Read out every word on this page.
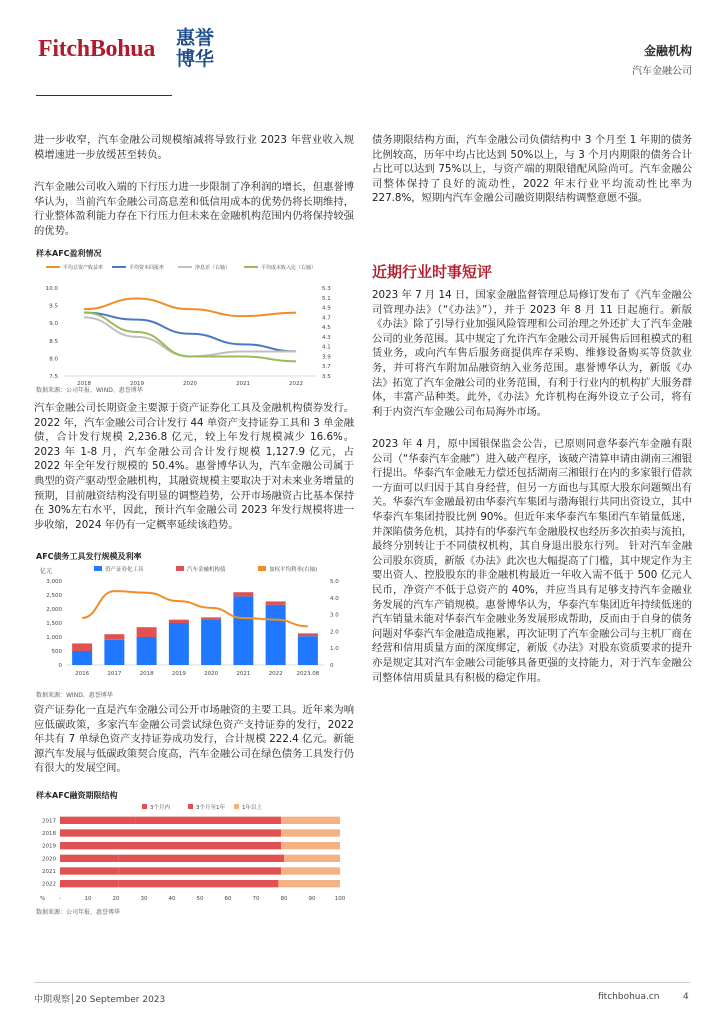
FitchBohua 惠誉博华	金融机构
汽车金融公司

进一步收窄，汽车金融公司规模缩减将导致行业 2023 年营业收入规模增速进一步放缓甚至转负。

汽车金融公司收入端的下行压力进一步限制了净利润的增长，但惠誉博华认为，当前汽车金融公司高息差和低信用成本的优势仍将长期维持，行业整体盈利能力存在下行压力但未来在金融机构范围内仍将保持较强的优势。

样本AFC盈利情况
平均总资产收益率	平均资本回报率	净息差（右轴）	平均成本收入比（右轴）
7.5
8.0
8.5
9.0
9.5
10.0
3.5
3.7
3.9
4.1
4.3
4.5
4.7
4.9
5.1
5.3
2018	2019	2020	2021	2022
数据来源：公司年报、WIND、惠誉博华

汽车金融公司长期资金主要源于资产证券化工具及金融机构债券发行。2022 年，汽车金融公司合计发行 44 单资产支持证券工具和 3 单金融债，合计发行规模 2,236.8 亿元，较上年发行规模减少 16.6%。2023 年 1-8 月，汽车金融公司合计发行规模 1,127.9 亿元，占 2022 年全年发行规模的 50.4%。惠誉博华认为，汽车金融公司属于典型的资产驱动型金融机构，其融资规模主要取决于对未来业务增量的预期，目前融资结构没有明显的调整趋势，公开市场融资占比基本保持在 30%左右水平，因此，预计汽车金融公司 2023 年发行规模将进一步收缩，2024 年仍有一定概率延续该趋势。

AFC债务工具发行规模及利率
资产证券化工具	汽车金融机构债	加权平均利率(右轴)
亿元
0
500
1,000
1,500
2,000
2,500
3,000
0
1.0
2.0
3.0
4.0
5.0
2016	2017	2018	2019	2020	2021	2022	2023.08
数据来源：WIND、惠誉博华

资产证券化一直是汽车金融公司公开市场融资的主要工具。近年来为响应低碳政策，多家汽车金融公司尝试绿色资产支持证券的发行，2022 年共有 7 单绿色资产支持证券成功发行，合计规模 222.4 亿元。新能源汽车发展与低碳政策契合度高，汽车金融公司在绿色债务工具发行仍有很大的发展空间。

样本AFC融资期限结构
3个月内	3个月至1年	1年以上
2017
2018
2019
2020
2021
2022
%	-	10	20	30	40	50	60	70	80	90	100
数据来源：公司年报、惠誉博华

债务期限结构方面，汽车金融公司负债结构中 3 个月至 1 年期的债务比例较高，历年中均占比达到 50%以上，与 3 个月内期限的债务合计占比可以达到 75%以上，与资产端的期限错配风险尚可。汽车金融公司整体保持了良好的流动性，2022 年末行业平均流动性比率为 227.8%，短期内汽车金融公司融资期限结构调整意愿不强。

近期行业时事短评

2023 年 7 月 14 日，国家金融监督管理总局修订发布了《汽车金融公司管理办法》（“《办法》”），并于 2023 年 8 月 11 日起施行。新版《办法》除了引导行业加强风险管理和公司治理之外还扩大了汽车金融公司的业务范围。其中规定了允许汽车金融公司开展售后回租模式的租赁业务，或向汽车售后服务商提供库存采购、维修设备购买等贷款业务，并可将汽车附加品融资纳入业务范围。惠誉博华认为，新版《办法》拓宽了汽车金融公司的业务范围，有利于行业内的机构扩大服务群体，丰富产品种类。此外，《办法》允许机构在海外设立子公司，将有利于内资汽车金融公司布局海外市场。

2023 年 4 月，原中国银保监会公告，已原则同意华泰汽车金融有限公司（“华泰汽车金融”）进入破产程序，该破产清算申请由湖南三湘银行提出。华泰汽车金融无力偿还包括湖南三湘银行在内的多家银行借款一方面可以归因于其自身经营，但另一方面也与其原大股东问题频出有关。华泰汽车金融最初由华泰汽车集团与渤海银行共同出资设立，其中华泰汽车集团持股比例 90%。但近年来华泰汽车集团汽车销量低迷，并深陷债务危机，其持有的华泰汽车金融股权也经历多次拍卖与流拍，最终分别转让于不同债权机构，其自身退出股东行列。 针对汽车金融公司股东资质，新版《办法》此次也大幅提高了门槛，其中规定作为主要出资人、控股股东的非金融机构最近一年收入需不低于 500 亿元人民币，净资产不低于总资产的 40%，并应当具有足够支持汽车金融业务发展的汽车产销规模。惠誉博华认为，华泰汽车集团近年持续低迷的汽车销量未能对华泰汽车金融业务发展形成帮助，反而由于自身的债务问题对华泰汽车金融造成拖累，再次证明了汽车金融公司与主机厂商在经营和信用质量方面的深度绑定，新版《办法》对股东资质要求的提升亦是规定其对汽车金融公司能够具备更强的支持能力，对于汽车金融公司整体信用质量具有积极的稳定作用。

中期观察│20 September 2023	fitchbohua.cn	4
